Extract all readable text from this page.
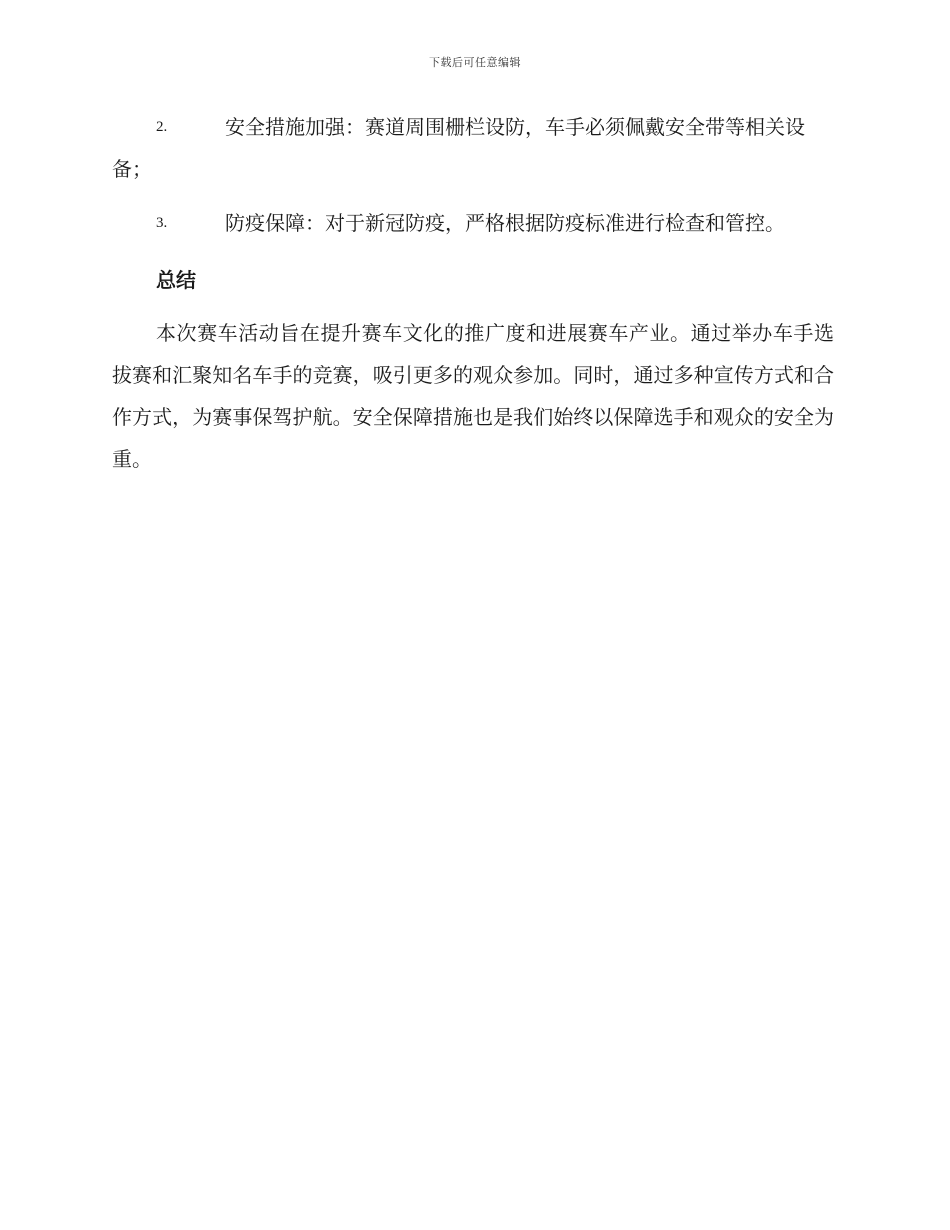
下载后可任意编辑
2.	安全措施加强：赛道周围栅栏设防，车手必须佩戴安全带等相关设备；
3.	防疫保障：对于新冠防疫，严格根据防疫标准进行检查和管控。
总结
本次赛车活动旨在提升赛车文化的推广度和进展赛车产业。通过举办车手选拔赛和汇聚知名车手的竞赛，吸引更多的观众参加。同时，通过多种宣传方式和合作方式，为赛事保驾护航。安全保障措施也是我们始终以保障选手和观众的安全为重。
